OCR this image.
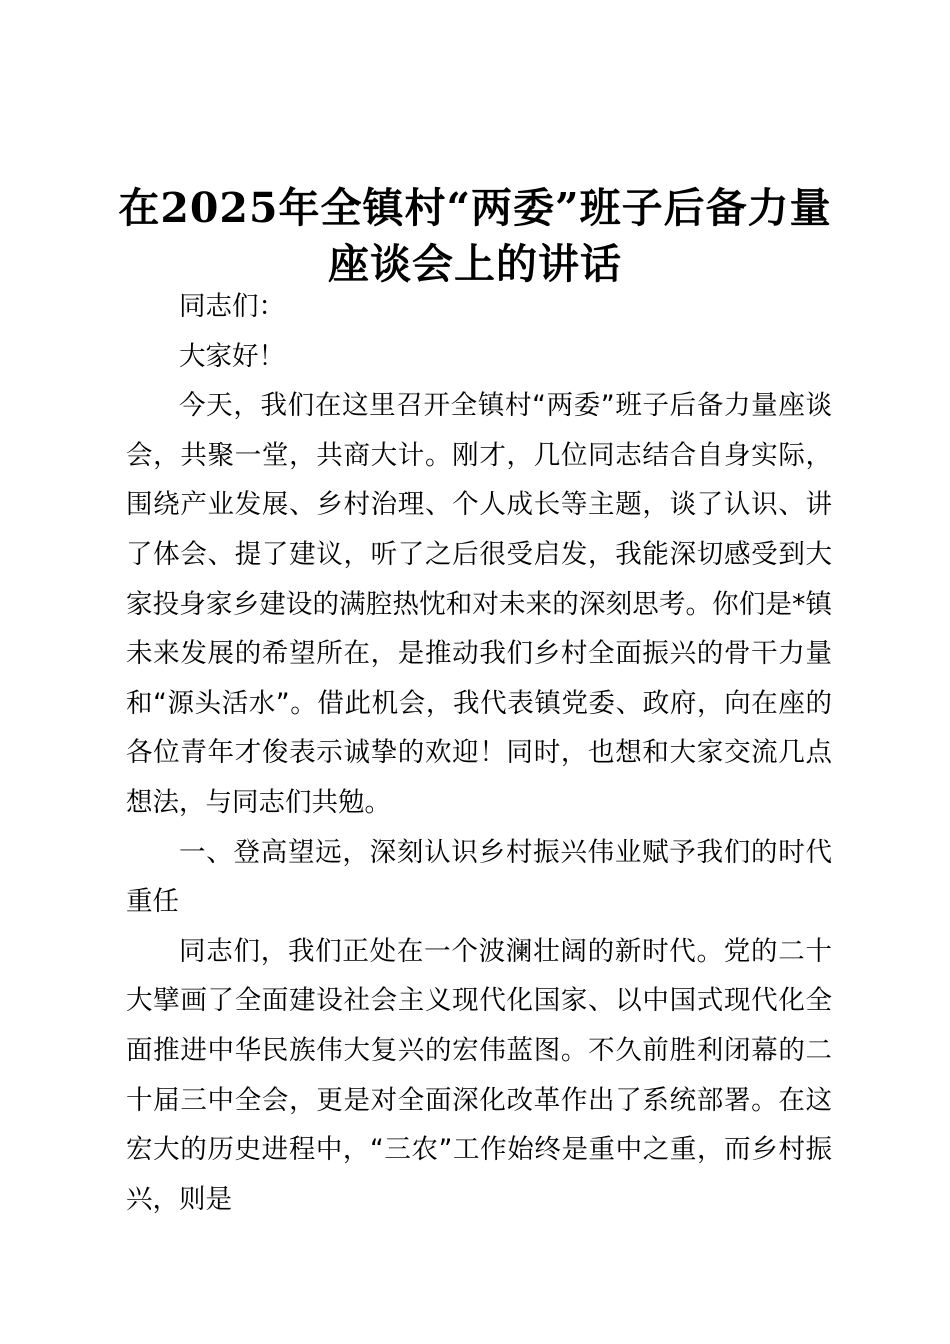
在2025年全镇村“两委”班子后备力量座谈会上的讲话

同志们：

大家好！

今天，我们在这里召开全镇村“两委”班子后备力量座谈会，共聚一堂，共商大计。刚才，几位同志结合自身实际，围绕产业发展、乡村治理、个人成长等主题，谈了认识、讲了体会、提了建议，听了之后很受启发，我能深切感受到大家投身家乡建设的满腔热忱和对未来的深刻思考。你们是*镇未来发展的希望所在，是推动我们乡村全面振兴的骨干力量和“源头活水”。借此机会，我代表镇党委、政府，向在座的各位青年才俊表示诚挚的欢迎！同时，也想和大家交流几点想法，与同志们共勉。

一、登高望远，深刻认识乡村振兴伟业赋予我们的时代重任

同志们，我们正处在一个波澜壮阔的新时代。党的二十大擘画了全面建设社会主义现代化国家、以中国式现代化全面推进中华民族伟大复兴的宏伟蓝图。不久前胜利闭幕的二十届三中全会，更是对全面深化改革作出了系统部署。在这宏大的历史进程中，“三农”工作始终是重中之重，而乡村振兴，则是
